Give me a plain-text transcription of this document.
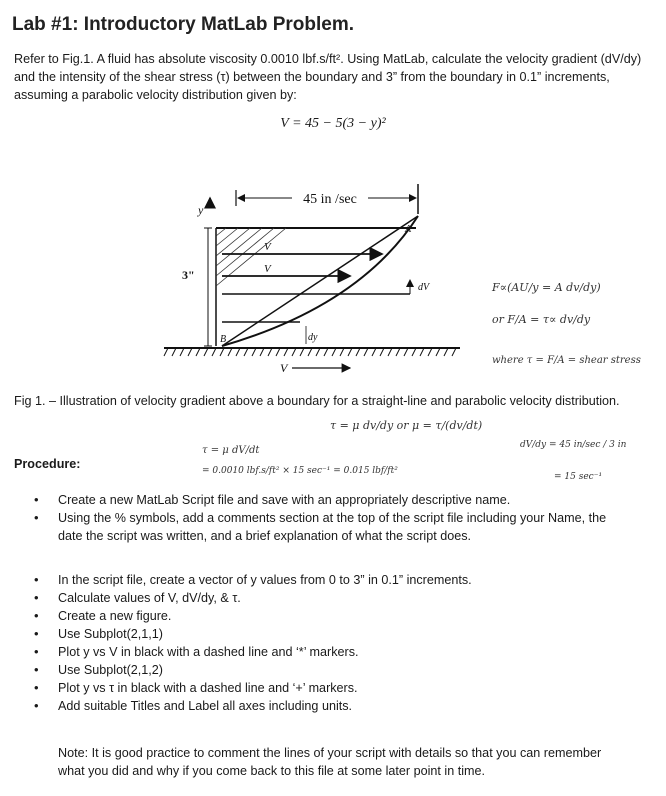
Lab #1: Introductory MatLab Problem.
Refer to Fig.1. A fluid has absolute viscosity 0.0010 lbf.s/ft². Using MatLab, calculate the velocity gradient (dV/dy) and the intensity of the shear stress (τ) between the boundary and 3” from the boundary in 0.1” increments, assuming a parabolic velocity distribution given by:
V = 45 − 5(3 − y)²
45 in /sec
y
3"
V
V
dV
dy
A
B
V
F∝(AU/y = A dv/dy)
or F/A = τ∝ dv/dy
where τ = F/A = shear stress
Fig 1. – Illustration of velocity gradient above a boundary for a straight-line and parabolic velocity distribution.
τ = μ dv/dy or μ = τ/(dv/dt)
τ = μ dV/dt
= 0.0010 lbf.s/ft² × 15 sec⁻¹ = 0.015 lbf/ft²
dV/dy = 45 in/sec / 3 in
= 15 sec⁻¹
Procedure:
• Create a new MatLab Script file and save with an appropriately descriptive name.
• Using the % symbols, add a comments section at the top of the script file including your Name, the date the script was written, and a brief explanation of what the script does.
• In the script file, create a vector of y values from 0 to 3” in 0.1” increments.
• Calculate values of V, dV/dy, & τ.
• Create a new figure.
• Use Subplot(2,1,1)
• Plot y vs V in black with a dashed line and ‘*’ markers.
• Use Subplot(2,1,2)
• Plot y vs τ in black with a dashed line and ‘+’ markers.
• Add suitable Titles and Label all axes including units.
Note: It is good practice to comment the lines of your script with details so that you can remember what you did and why if you come back to this file at some later point in time.
